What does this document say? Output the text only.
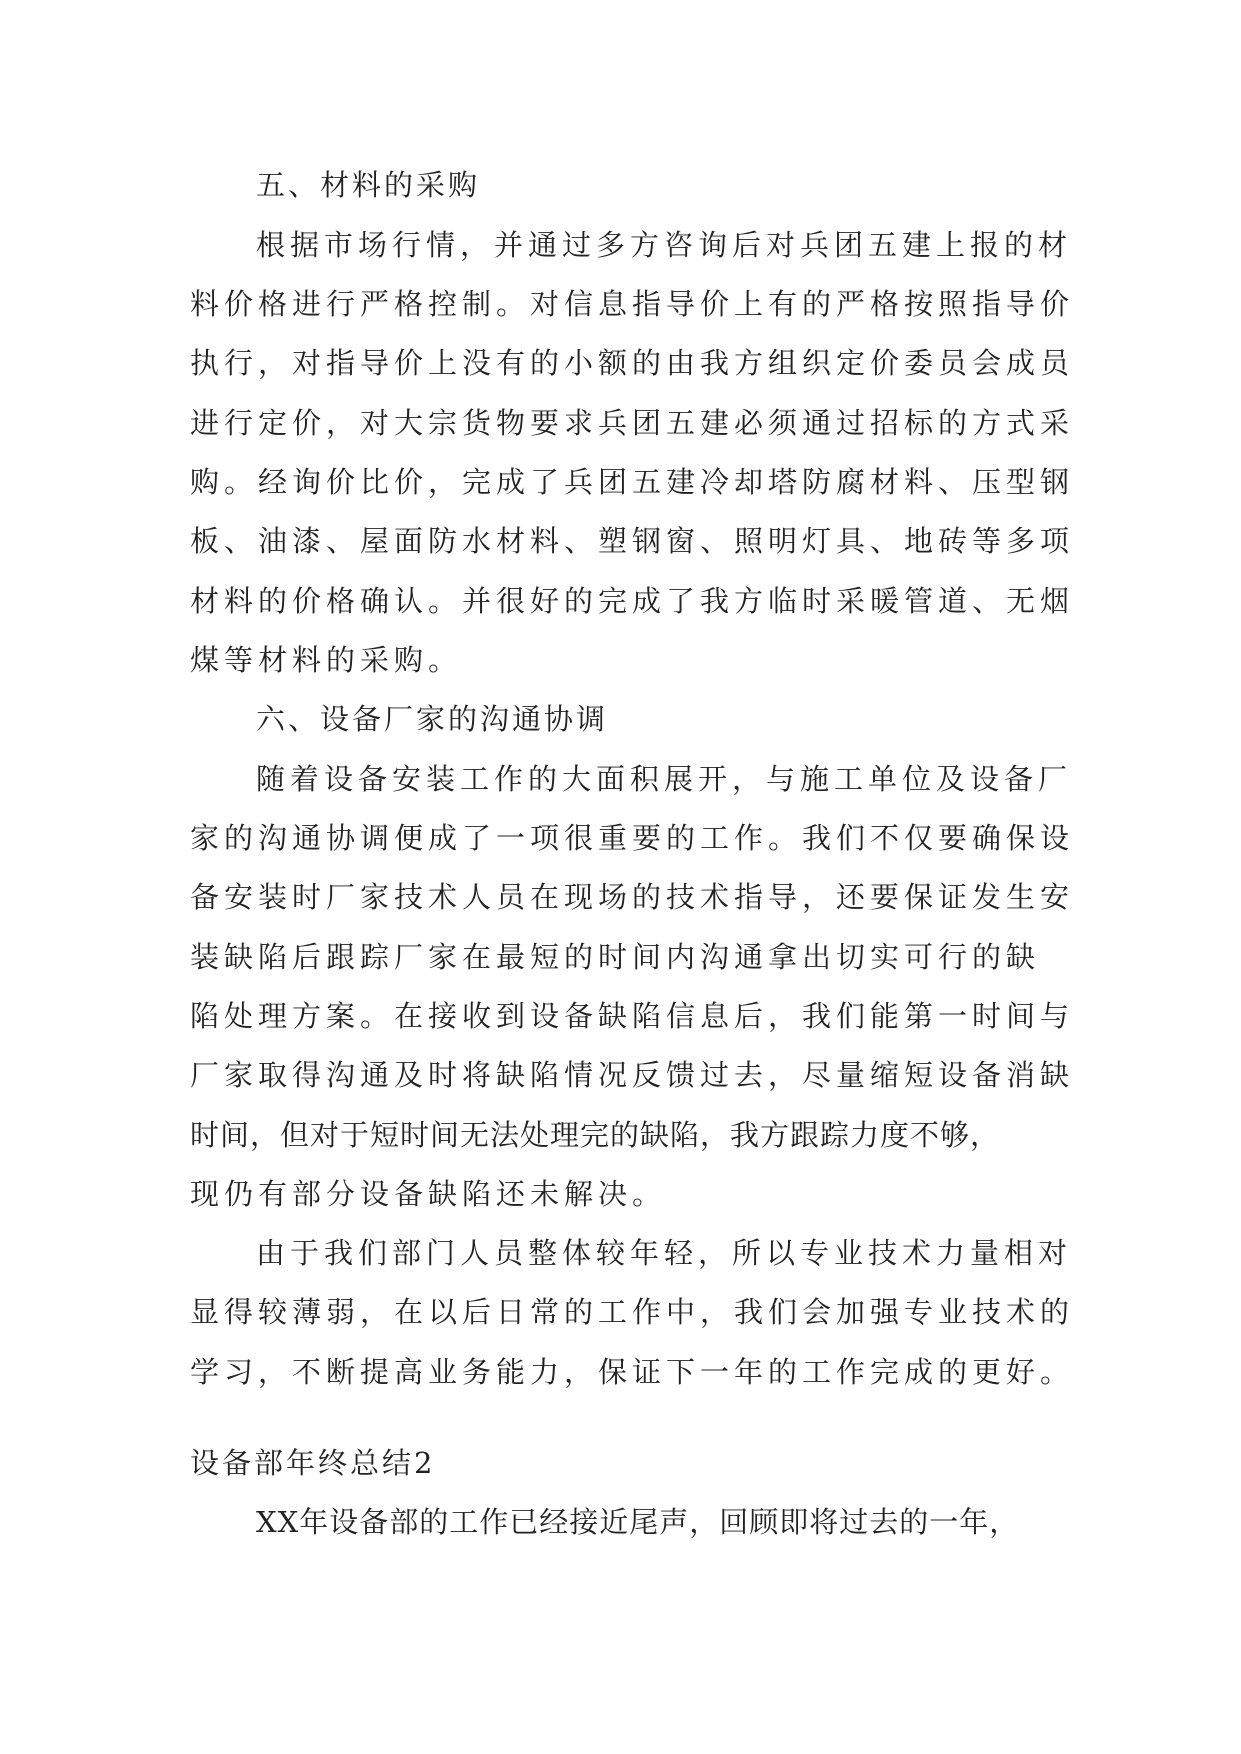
五、材料的采购

根据市场行情，并通过多方咨询后对兵团五建上报的材

料价格进行严格控制。对信息指导价上有的严格按照指导价

执行，对指导价上没有的小额的由我方组织定价委员会成员

进行定价，对大宗货物要求兵团五建必须通过招标的方式采

购。经询价比价，完成了兵团五建冷却塔防腐材料、压型钢

板、油漆、屋面防水材料、塑钢窗、照明灯具、地砖等多项

材料的价格确认。并很好的完成了我方临时采暖管道、无烟

煤等材料的采购。

六、设备厂家的沟通协调

随着设备安装工作的大面积展开，与施工单位及设备厂

家的沟通协调便成了一项很重要的工作。我们不仅要确保设

备安装时厂家技术人员在现场的技术指导，还要保证发生安

装缺陷后跟踪厂家在最短的时间内沟通拿出切实可行的缺

陷处理方案。在接收到设备缺陷信息后，我们能第一时间与

厂家取得沟通及时将缺陷情况反馈过去，尽量缩短设备消缺

时间，但对于短时间无法处理完的缺陷，我方跟踪力度不够，

现仍有部分设备缺陷还未解决。

由于我们部门人员整体较年轻，所以专业技术力量相对

显得较薄弱，在以后日常的工作中，我们会加强专业技术的

学习，不断提高业务能力，保证下一年的工作完成的更好。

设备部年终总结2

XX年设备部的工作已经接近尾声，回顾即将过去的一年，
